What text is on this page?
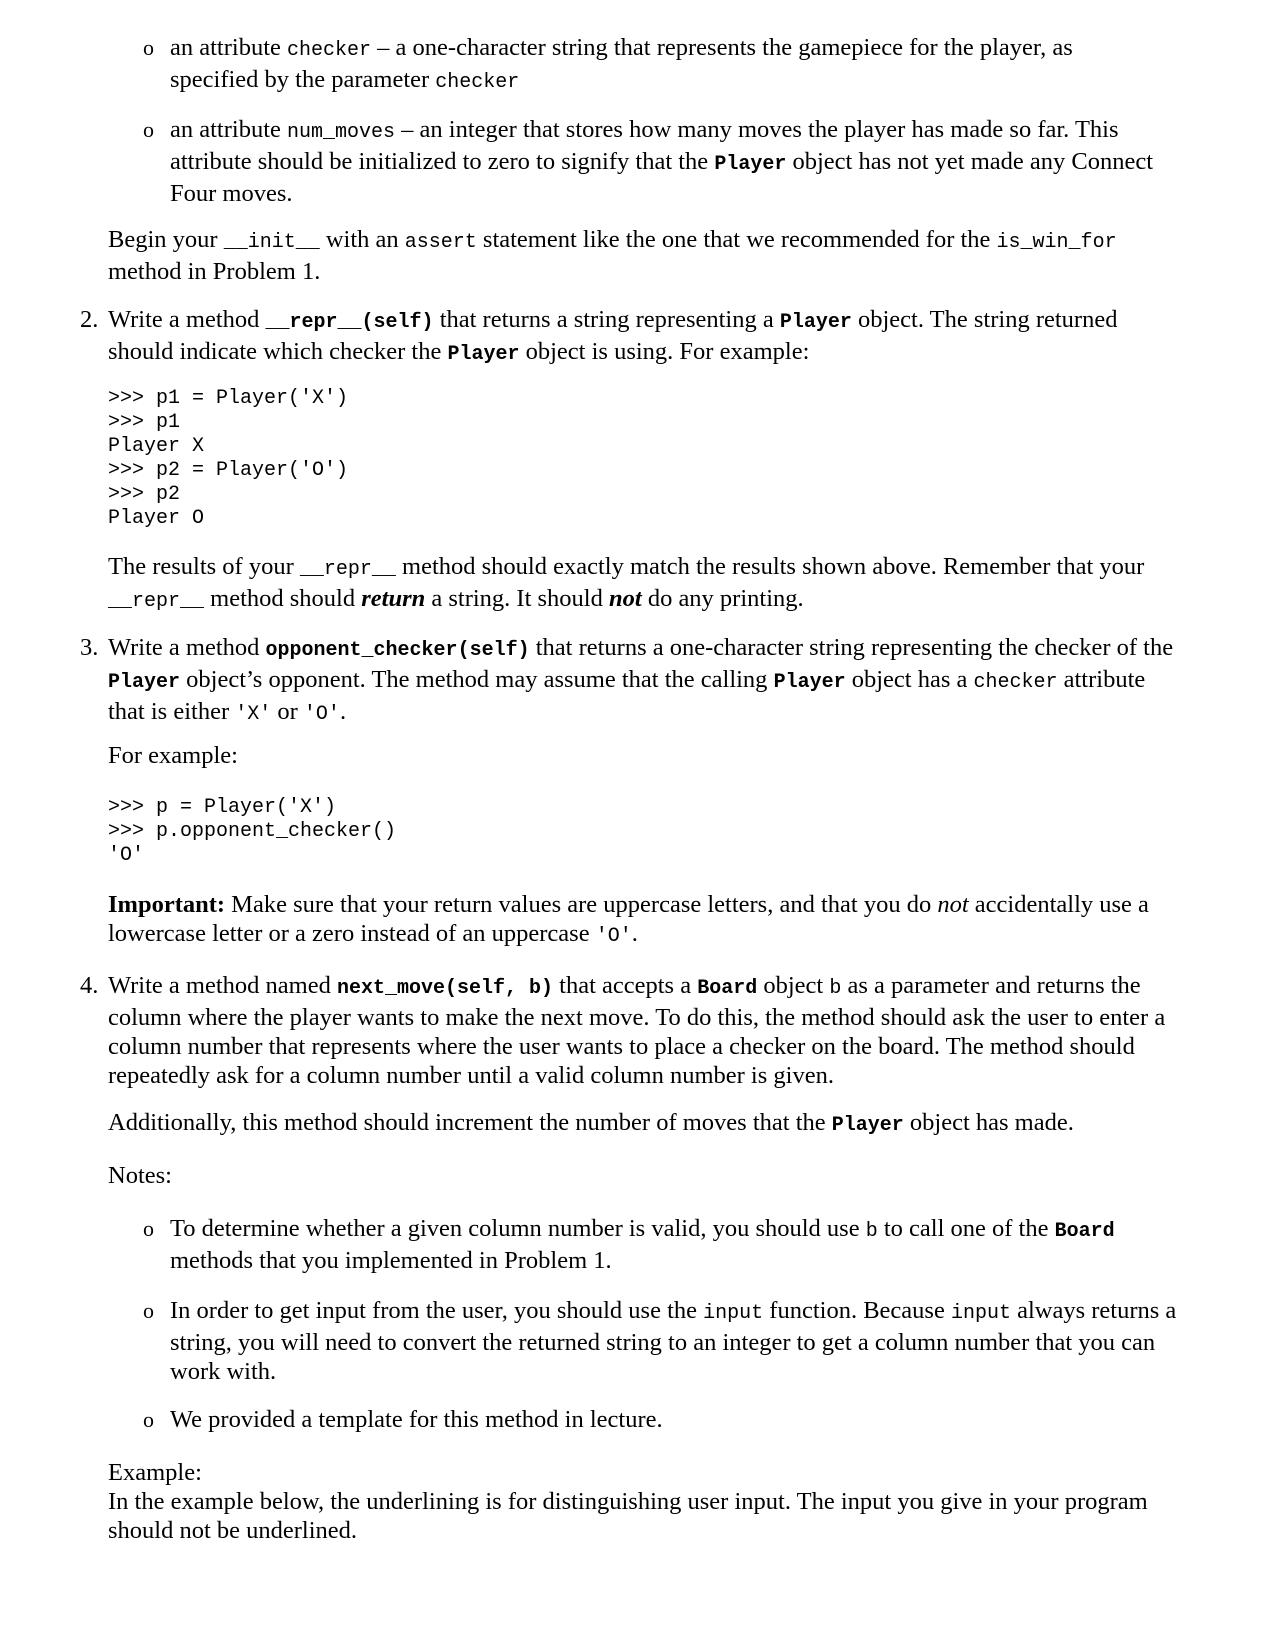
o an attribute checker – a one-character string that represents the gamepiece for the player, as specified by the parameter checker

o an attribute num_moves – an integer that stores how many moves the player has made so far. This attribute should be initialized to zero to signify that the Player object has not yet made any Connect Four moves.

Begin your __init__ with an assert statement like the one that we recommended for the is_win_for method in Problem 1.

2. Write a method __repr__(self) that returns a string representing a Player object. The string returned should indicate which checker the Player object is using. For example:

>>> p1 = Player('X')
>>> p1
Player X
>>> p2 = Player('O')
>>> p2
Player O

The results of your __repr__ method should exactly match the results shown above. Remember that your __repr__ method should return a string. It should not do any printing.

3. Write a method opponent_checker(self) that returns a one-character string representing the checker of the Player object’s opponent. The method may assume that the calling Player object has a checker attribute that is either 'X' or 'O'.

For example:

>>> p = Player('X')
>>> p.opponent_checker()
'O'

Important: Make sure that your return values are uppercase letters, and that you do not accidentally use a lowercase letter or a zero instead of an uppercase 'O'.

4. Write a method named next_move(self, b) that accepts a Board object b as a parameter and returns the column where the player wants to make the next move. To do this, the method should ask the user to enter a column number that represents where the user wants to place a checker on the board. The method should repeatedly ask for a column number until a valid column number is given.

Additionally, this method should increment the number of moves that the Player object has made.

Notes:

o To determine whether a given column number is valid, you should use b to call one of the Board methods that you implemented in Problem 1.

o In order to get input from the user, you should use the input function. Because input always returns a string, you will need to convert the returned string to an integer to get a column number that you can work with.

o We provided a template for this method in lecture.

Example:

In the example below, the underlining is for distinguishing user input. The input you give in your program should not be underlined.
